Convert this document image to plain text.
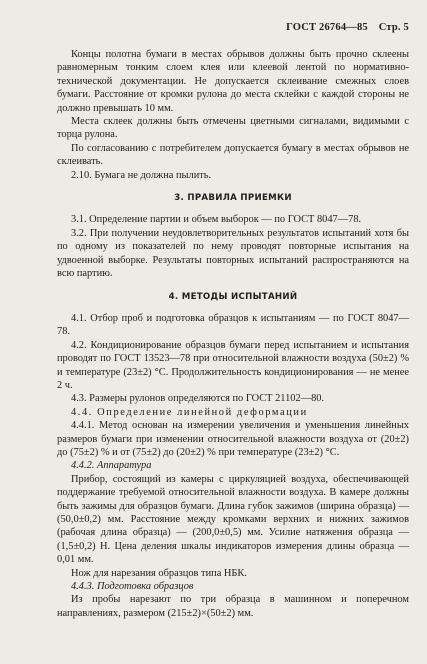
ГОСТ 26764—85 Стр. 5

Концы полотна бумаги в местах обрывов должны быть прочно склеены равномерным тонким слоем клея или клеевой лентой по нормативно-технической документации. Не допускается склеивание смежных слоев бумаги. Расстояние от кромки рулона до места склейки с каждой стороны не должно превышать 10 мм.

Места склеек должны быть отмечены цветными сигналами, видимыми с торца рулона.

По согласованию с потребителем допускается бумагу в местах обрывов не склеивать.

2.10. Бумага не должна пылить.

3. ПРАВИЛА ПРИЕМКИ

3.1. Определение партии и объем выборок — по ГОСТ 8047—78.

3.2. При получении неудовлетворительных результатов испытаний хотя бы по одному из показателей по нему проводят повторные испытания на удвоенной выборке. Результаты повторных испытаний распространяются на всю партию.

4. МЕТОДЫ ИСПЫТАНИЙ

4.1. Отбор проб и подготовка образцов к испытаниям — по ГОСТ 8047—78.

4.2. Кондиционирование образцов бумаги перед испытанием и испытания проводят по ГОСТ 13523—78 при относительной влажности воздуха (50±2) % и температуре (23±2) °С. Продолжительность кондиционирования — не менее 2 ч.

4.3. Размеры рулонов определяются по ГОСТ 21102—80.

4.4. Определение линейной деформации

4.4.1. Метод основан на измерении увеличения и уменьшения линейных размеров бумаги при изменении относительной влажности воздуха от (20±2) до (75±2) % и от (75±2) до (20±2) % при температуре (23±2) °С.

4.4.2. Аппаратура

Прибор, состоящий из камеры с циркуляцией воздуха, обеспечивающей поддержание требуемой относительной влажности воздуха. В камере должны быть зажимы для образцов бумаги. Длина губок зажимов (ширина образца) — (50,0±0,2) мм. Расстояние между кромками верхних и нижних зажимов (рабочая длина образца) — (200,0±0,5) мм. Усилие натяжения образца — (1,5±0,2) Н. Цена деления шкалы индикаторов измерения длины образца — 0,01 мм.

Нож для нарезания образцов типа НБК.

4.4.3. Подготовка образцов

Из пробы нарезают по три образца в машинном и поперечном направлениях, размером (215±2)×(50±2) мм.
